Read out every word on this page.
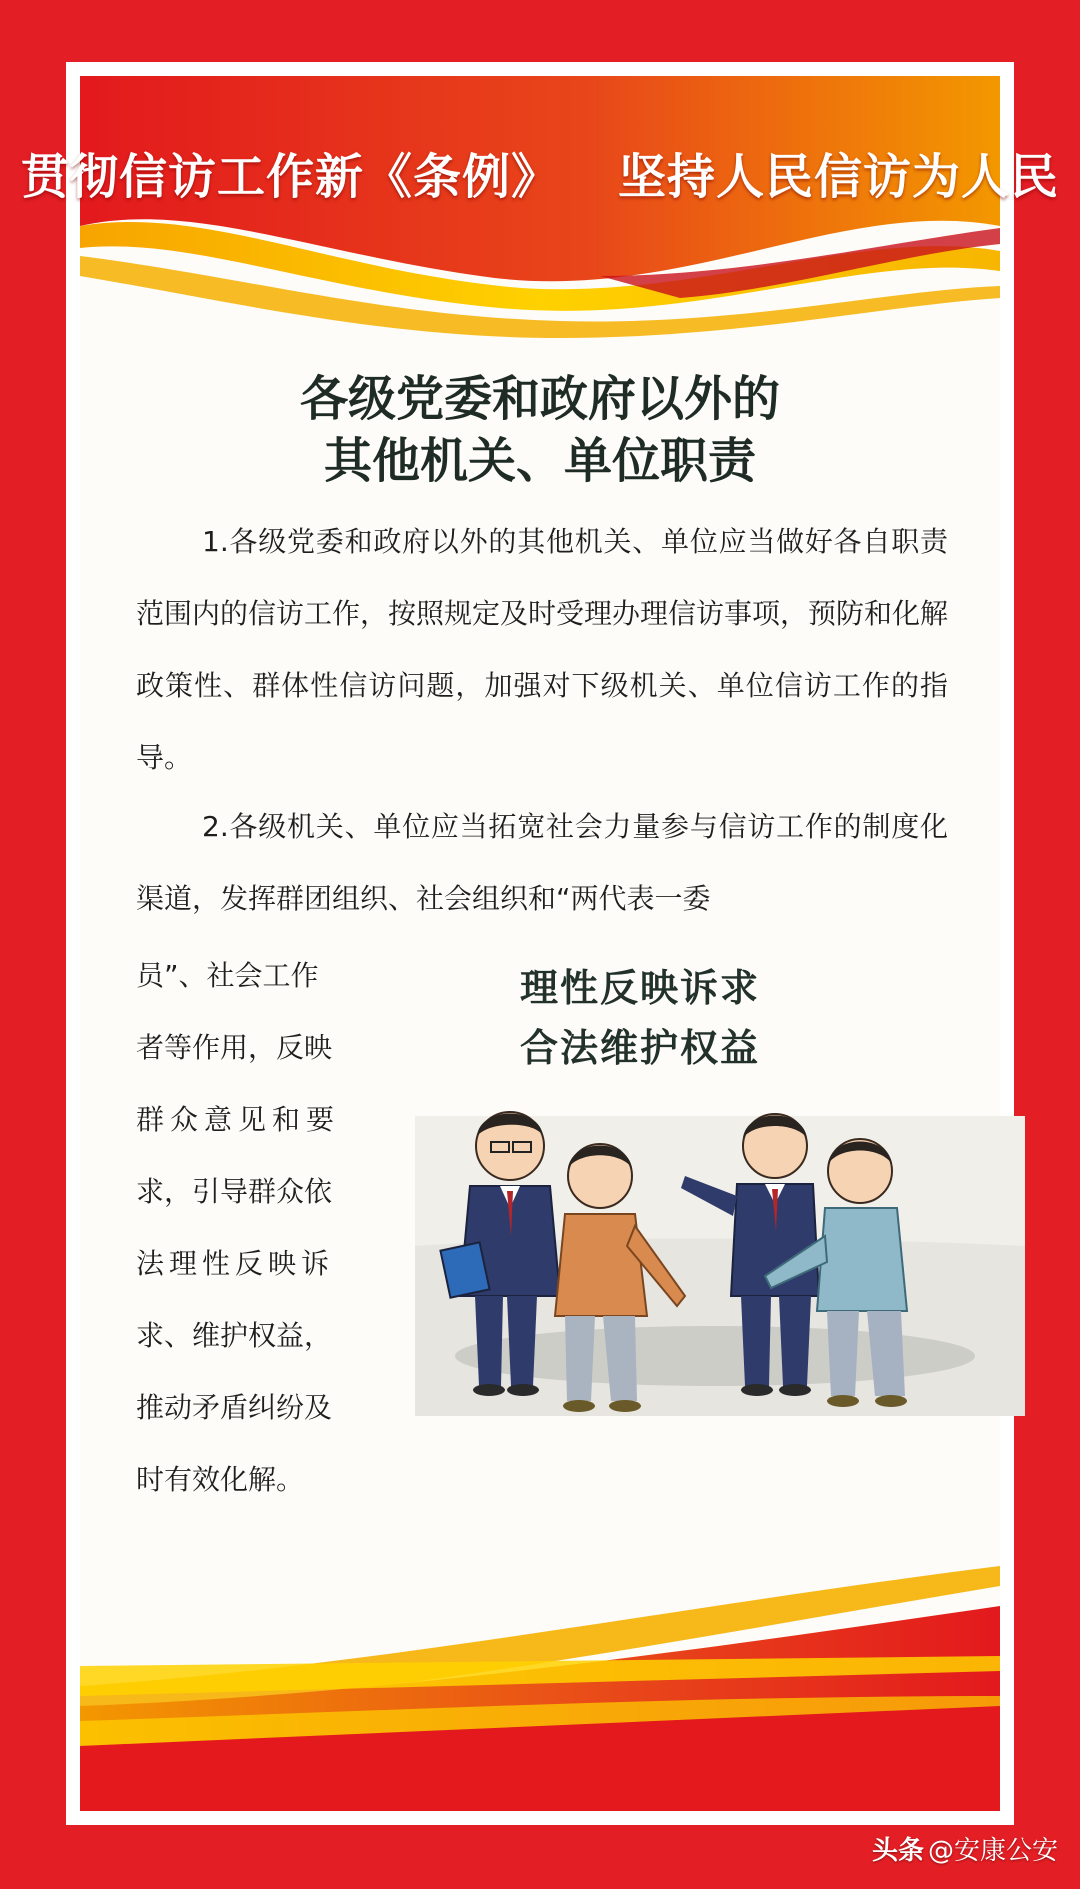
贯彻信访工作新《条例》 坚持人民信访为人民
各级党委和政府以外的
其他机关、单位职责

1.各级党委和政府以外的其他机关、单位应当做好各自职责范围内的信访工作，按照规定及时受理办理信访事项，预防和化解政策性、群体性信访问题，加强对下级机关、单位信访工作的指导。

2.各级机关、单位应当拓宽社会力量参与信访工作的制度化渠道，发挥群团组织、社会组织和“两代表一委

员”、社会工作
者等作用，反映
群众意见和要
求，引导群众依
法理性反映诉
求、维护权益，
推动矛盾纠纷及
时有效化解。
理性反映诉求
合法维护权益
头条 @安康公安
